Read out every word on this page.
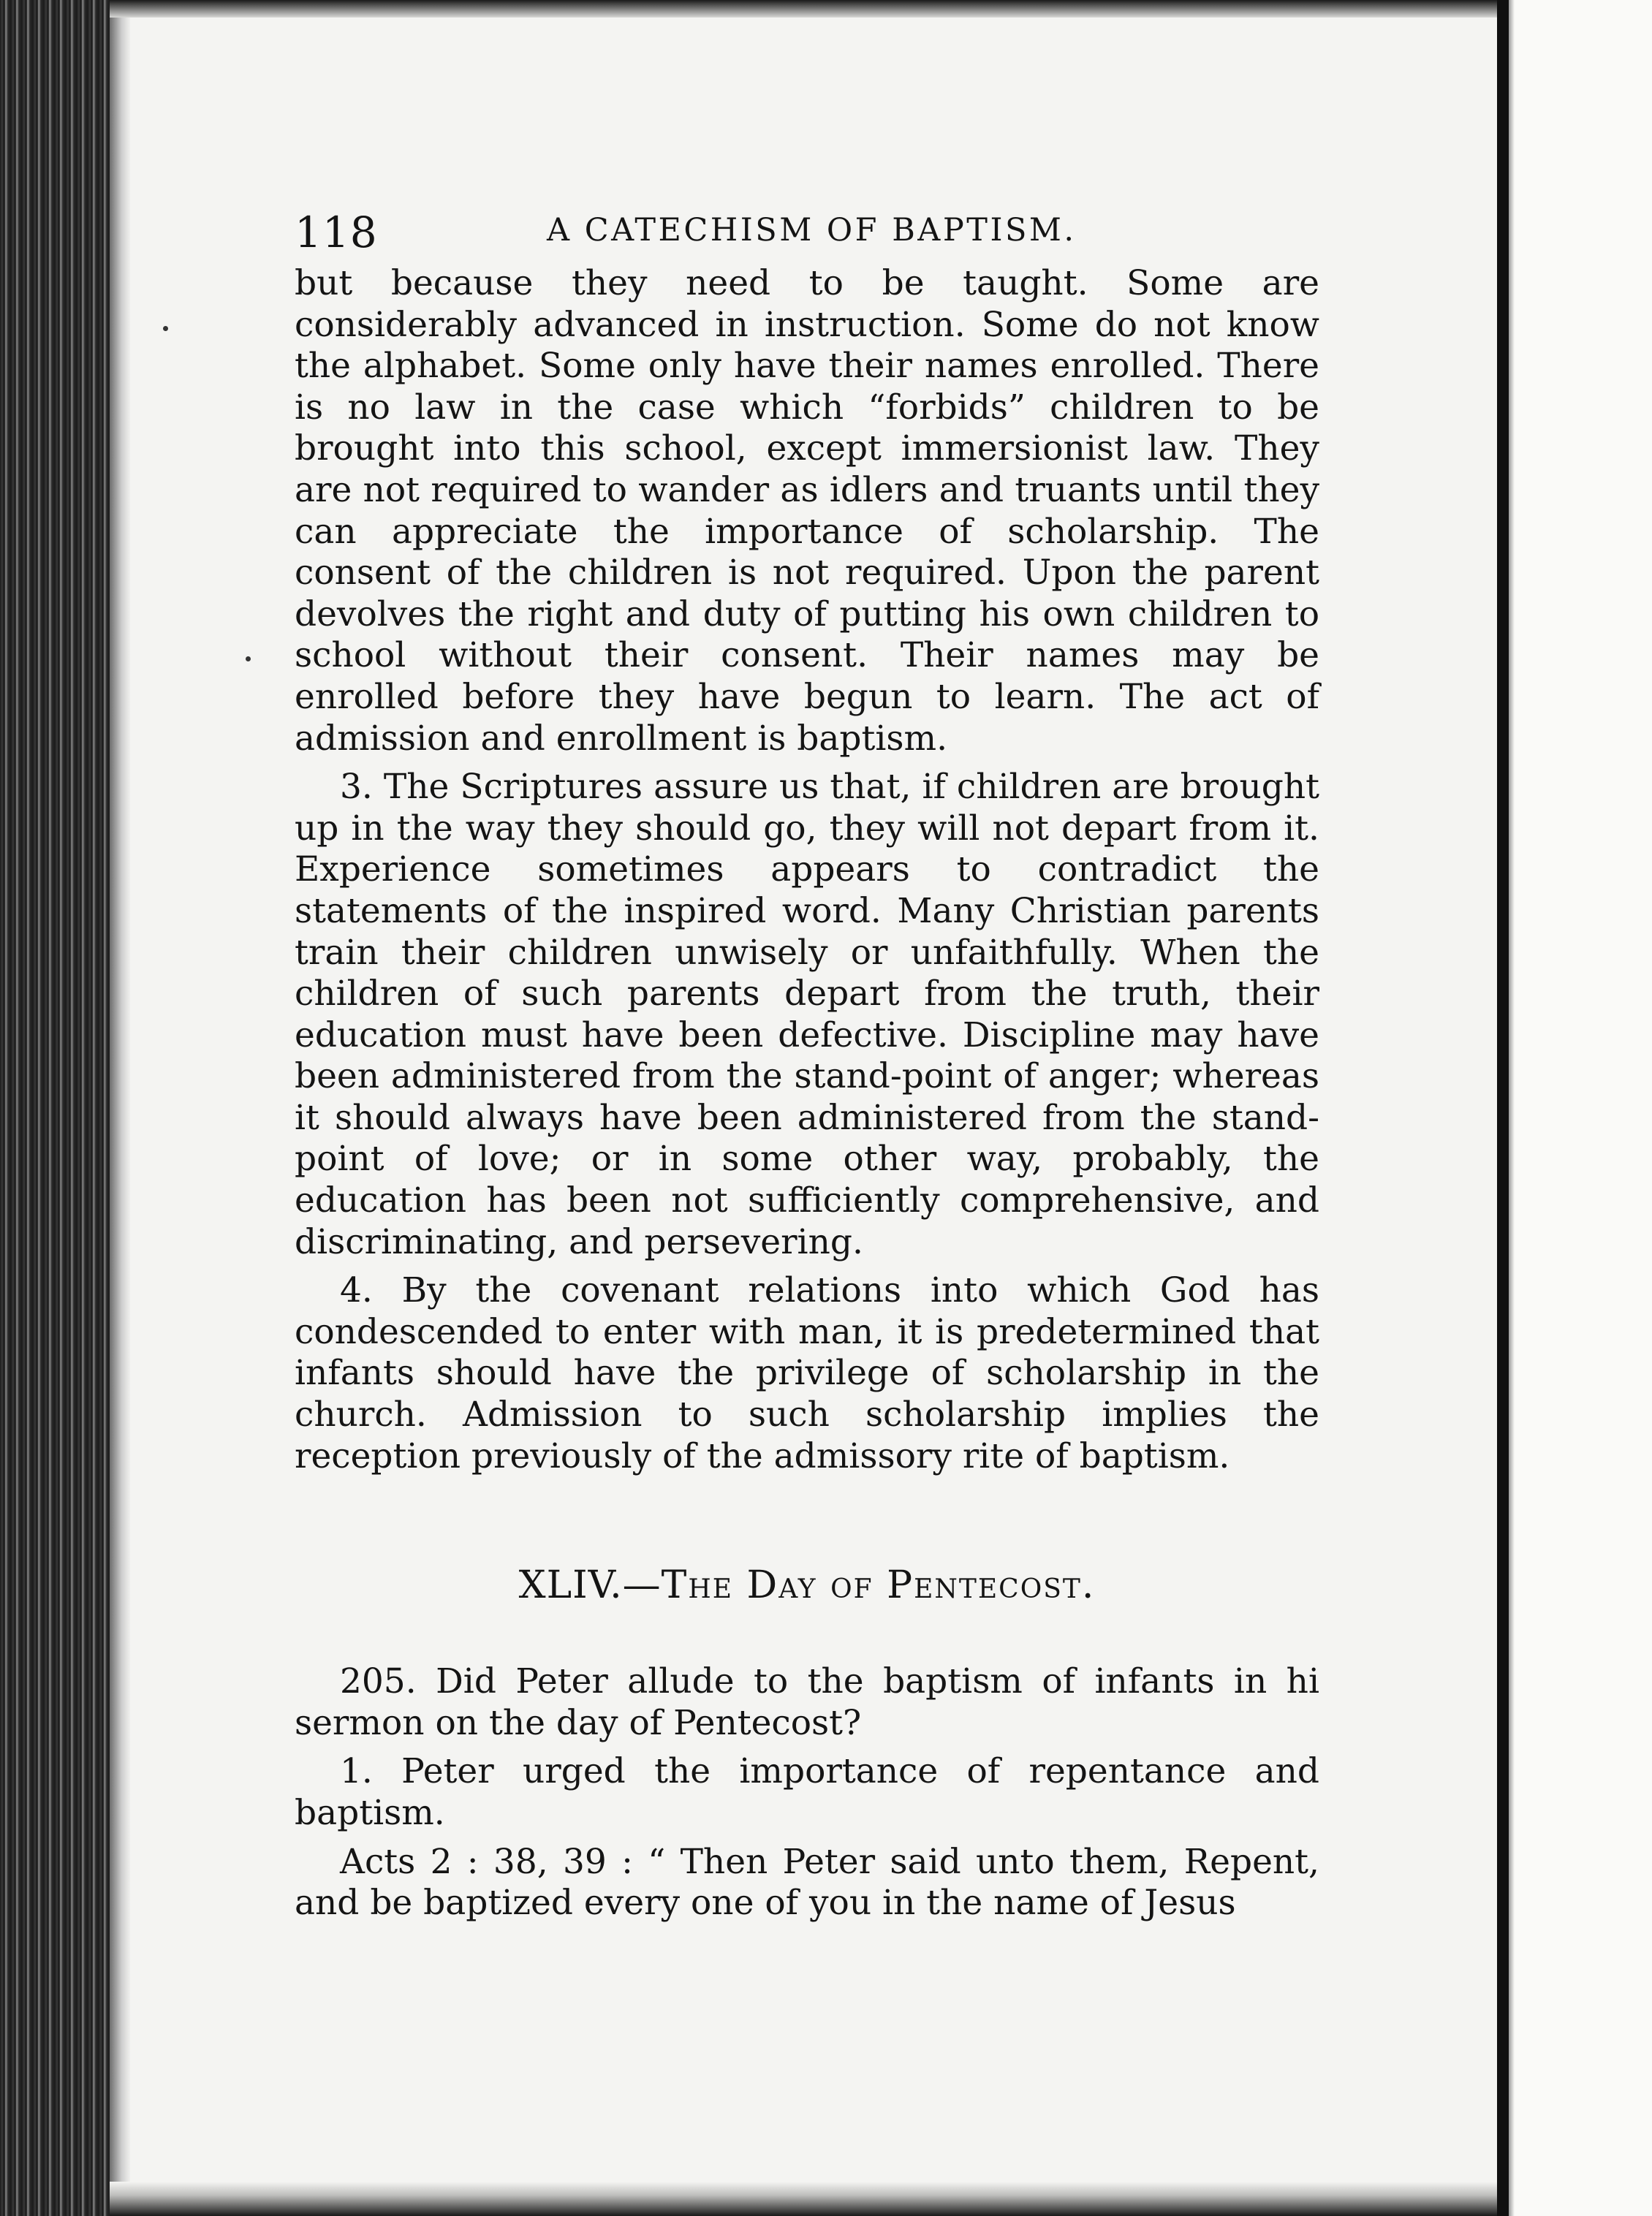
118	A CATECHISM OF BAPTISM.

but because they need to be taught. Some are considerably advanced in instruction. Some do not know the alphabet. Some only have their names enrolled. There is no law in the case which “forbids” children to be brought into this school, except immersionist law. They are not required to wander as idlers and truants until they can appreciate the importance of scholarship. The consent of the children is not required. Upon the parent devolves the right and duty of putting his own children to school without their consent. Their names may be enrolled before they have begun to learn. The act of admission and enrollment is baptism.

3. The Scriptures assure us that, if children are brought up in the way they should go, they will not depart from it. Experience sometimes appears to contradict the statements of the inspired word. Many Christian parents train their children unwisely or unfaithfully. When the children of such parents depart from the truth, their education must have been defective. Discipline may have been administered from the stand-point of anger; whereas it should always have been administered from the stand-point of love; or in some other way, probably, the education has been not sufficiently comprehensive, and discriminating, and persevering.

4. By the covenant relations into which God has condescended to enter with man, it is predetermined that infants should have the privilege of scholarship in the church. Admission to such scholarship implies the reception previously of the admissory rite of baptism.

XLIV.—The Day of Pentecost.

205. Did Peter allude to the baptism of infants in hi sermon on the day of Pentecost?

1. Peter urged the importance of repentance and baptism.

Acts 2 : 38, 39 : “ Then Peter said unto them, Repent, and be baptized every one of you in the name of Jesus
